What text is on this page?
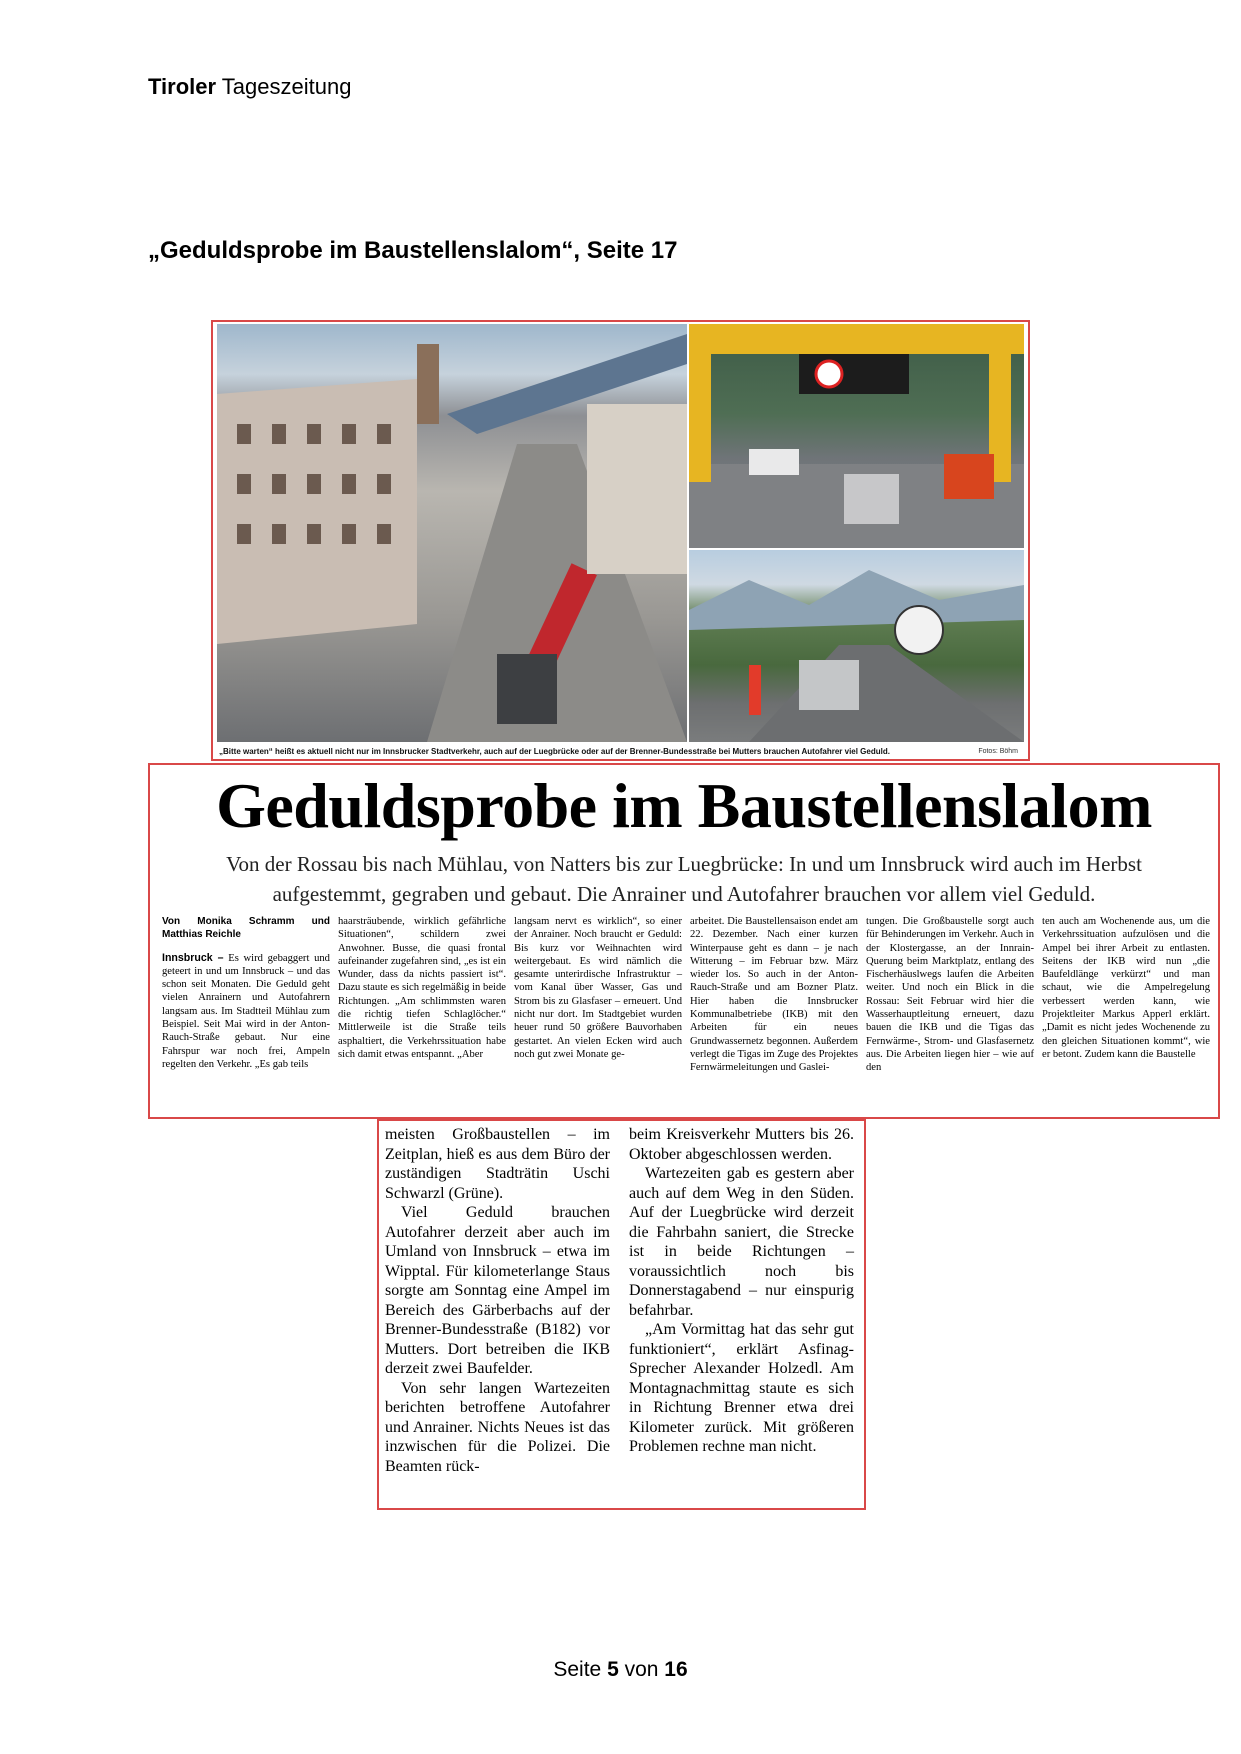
Tiroler Tageszeitung
„Geduldsprobe im Baustellenslalom“, Seite 17
„Bitte warten“ heißt es aktuell nicht nur im Innsbrucker Stadtverkehr, auch auf der Luegbrücke oder auf der Brenner-Bundesstraße bei Mutters brauchen Autofahrer viel Geduld.	Fotos: Böhm
Geduldsprobe im Baustellenslalom
Von der Rossau bis nach Mühlau, von Natters bis zur Luegbrücke: In und um Innsbruck wird auch im Herbst aufgestemmt, gegraben und gebaut. Die Anrainer und Autofahrer brauchen vor allem viel Geduld.
Von Monika Schramm und Matthias Reichle
Innsbruck – Es wird gebaggert und geteert in und um Innsbruck – und das schon seit Monaten. Die Geduld geht vielen Anrainern und Autofahrern langsam aus. Im Stadtteil Mühlau zum Beispiel. Seit Mai wird in der Anton-Rauch-Straße gebaut. Nur eine Fahrspur war noch frei, Ampeln regelten den Verkehr. „Es gab teils
haarsträubende, wirklich gefährliche Situationen“, schildern zwei Anwohner. Busse, die quasi frontal aufeinander zugefahren sind, „es ist ein Wunder, dass da nichts passiert ist“. Dazu staute es sich regelmäßig in beide Richtungen. „Am schlimmsten waren die richtig tiefen Schlaglöcher.“ Mittlerweile ist die Straße teils asphaltiert, die Verkehrssituation habe sich damit etwas entspannt. „Aber
langsam nervt es wirklich“, so einer der Anrainer. Noch braucht er Geduld: Bis kurz vor Weihnachten wird weitergebaut. Es wird nämlich die gesamte unterirdische Infrastruktur – vom Kanal über Wasser, Gas und Strom bis zu Glasfaser – erneuert. Und nicht nur dort. Im Stadtgebiet wurden heuer rund 50 größere Bauvorhaben gestartet. An vielen Ecken wird auch noch gut zwei Monate ge-
arbeitet. Die Baustellensaison endet am 22. Dezember. Nach einer kurzen Winterpause geht es dann – je nach Witterung – im Februar bzw. März wieder los. So auch in der Anton-Rauch-Straße und am Bozner Platz. Hier haben die Innsbrucker Kommunalbetriebe (IKB) mit den Arbeiten für ein neues Grundwassernetz begonnen. Außerdem verlegt die Tigas im Zuge des Projektes Fernwärmeleitungen und Gaslei-
tungen. Die Großbaustelle sorgt auch für Behinderungen im Verkehr. Auch in der Klostergasse, an der Innrain-Querung beim Marktplatz, entlang des Fischerhäuslwegs laufen die Arbeiten weiter. Und noch ein Blick in die Rossau: Seit Februar wird hier die Wasserhauptleitung erneuert, dazu bauen die IKB und die Tigas das Fernwärme-, Strom- und Glasfasernetz aus. Die Arbeiten liegen hier – wie auf den
ten auch am Wochenende aus, um die Verkehrssituation aufzulösen und die Ampel bei ihrer Arbeit zu entlasten. Seitens der IKB wird nun „die Baufeldlänge verkürzt“ und man schaut, wie die Ampelregelung verbessert werden kann, wie Projektleiter Markus Apperl erklärt. „Damit es nicht jedes Wochenende zu den gleichen Situationen kommt“, wie er betont. Zudem kann die Baustelle

meisten Großbaustellen – im Zeitplan, hieß es aus dem Büro der zuständigen Stadträtin Uschi Schwarzl (Grüne).

Viel Geduld brauchen Autofahrer derzeit aber auch im Umland von Innsbruck – etwa im Wipptal. Für kilometerlange Staus sorgte am Sonntag eine Ampel im Bereich des Gärberbachs auf der Brenner-Bundesstraße (B182) vor Mutters. Dort betreiben die IKB derzeit zwei Baufelder.

Von sehr langen Wartezeiten berichten betroffene Autofahrer und Anrainer. Nichts Neues ist das inzwischen für die Polizei. Die Beamten rück-

beim Kreisverkehr Mutters bis 26. Oktober abgeschlossen werden.

Wartezeiten gab es gestern aber auch auf dem Weg in den Süden. Auf der Luegbrücke wird derzeit die Fahrbahn saniert, die Strecke ist in beide Richtungen – voraussichtlich noch bis Donnerstagabend – nur einspurig befahrbar.

„Am Vormittag hat das sehr gut funktioniert“, erklärt Asfinag-Sprecher Alexander Holzedl. Am Montagnachmittag staute es sich in Richtung Brenner etwa drei Kilometer zurück. Mit größeren Problemen rechne man nicht.

Seite 5 von 16
